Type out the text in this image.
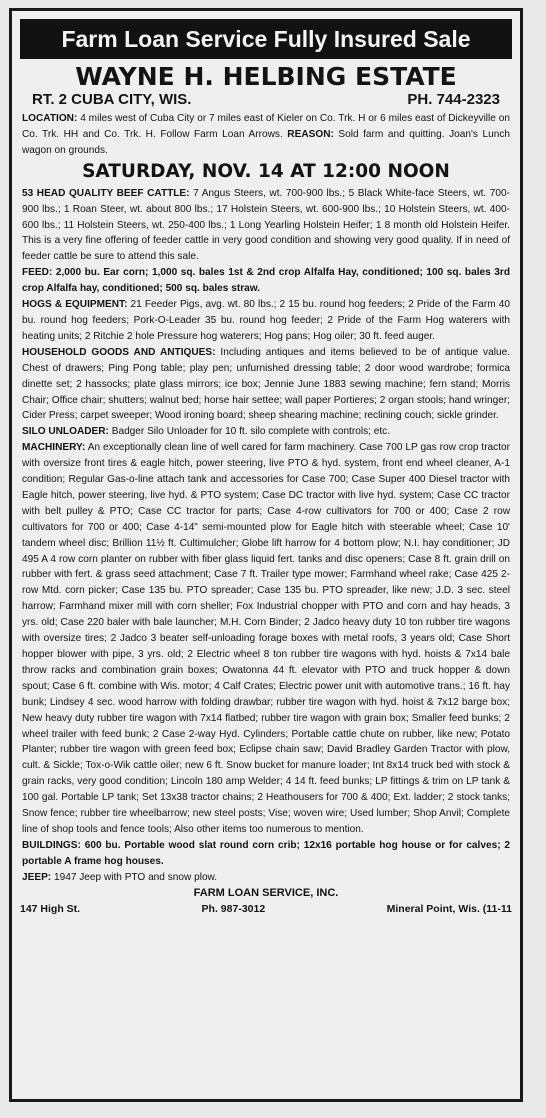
Farm Loan Service Fully Insured Sale
WAYNE H. HELBING ESTATE
RT. 2 CUBA CITY, WIS.	PH. 744-2323

LOCATION: 4 miles west of Cuba City or 7 miles east of Kieler on Co. Trk. H or 6 miles east of Dickeyville on Co. Trk. HH and Co. Trk. H. Follow Farm Loan Arrows. REASON: Sold farm and quitting. Joan's Lunch wagon on grounds.

SATURDAY, NOV. 14 AT 12:00 NOON

53 HEAD QUALITY BEEF CATTLE: 7 Angus Steers, wt. 700-900 lbs.; 5 Black White-face Steers, wt. 700-900 lbs.; 1 Roan Steer, wt. about 800 lbs.; 17 Holstein Steers, wt. 600-900 lbs.; 10 Holstein Steers, wt. 400-600 lbs.; 11 Holstein Steers, wt. 250-400 lbs.; 1 Long Yearling Holstein Heifer; 1 8 month old Holstein Heifer. This is a very fine offering of feeder cattle in very good condition and showing very good quality. If in need of feeder cattle be sure to attend this sale.

FEED: 2,000 bu. Ear corn; 1,000 sq. bales 1st & 2nd crop Alfalfa Hay, conditioned; 100 sq. bales 3rd crop Alfalfa hay, conditioned; 500 sq. bales straw.

HOGS & EQUIPMENT: 21 Feeder Pigs, avg. wt. 80 lbs.; 2 15 bu. round hog feeders; 2 Pride of the Farm 40 bu. round hog feeders; Pork-O-Leader 35 bu. round hog feeder; 2 Pride of the Farm Hog waterers with heating units; 2 Ritchie 2 hole Pressure hog waterers; Hog pans; Hog oiler; 30 ft. feed auger.

HOUSEHOLD GOODS AND ANTIQUES: Including antiques and items believed to be of antique value. Chest of drawers; Ping Pong table; play pen; unfurnished dressing table; 2 door wood wardrobe; formica dinette set; 2 hassocks; plate glass mirrors; ice box; Jennie June 1883 sewing machine; fern stand; Morris Chair; Office chair; shutters; walnut bed; horse hair settee; wall paper Portieres; 2 organ stools; hand wringer; Cider Press; carpet sweeper; Wood ironing board; sheep shearing machine; reclining couch; sickle grinder.

SILO UNLOADER: Badger Silo Unloader for 10 ft. silo complete with controls; etc.

MACHINERY: An exceptionally clean line of well cared for farm machinery. Case 700 LP gas row crop tractor with oversize front tires & eagle hitch, power steering, live PTO & hyd. system, front end wheel cleaner, A-1 condition; Regular Gas-o-line attach tank and accessories for Case 700; Case Super 400 Diesel tractor with Eagle hitch, power steering, live hyd. & PTO system; Case DC tractor with live hyd. system; Case CC tractor with belt pulley & PTO; Case CC tractor for parts; Case 4-row cultivators for 700 or 400; Case 2 row cultivators for 700 or 400; Case 4-14" semi-mounted plow for Eagle hitch with steerable wheel; Case 10' tandem wheel disc; Brillion 11½ ft. Cultimulcher; Globe lift harrow for 4 bottom plow; N.I. hay conditioner; JD 495 A 4 row corn planter on rubber with fiber glass liquid fert. tanks and disc openers; Case 8 ft. grain drill on rubber with fert. & grass seed attachment; Case 7 ft. Trailer type mower; Farmhand wheel rake; Case 425 2-row Mtd. corn picker; Case 135 bu. PTO spreader; Case 135 bu. PTO spreader, like new; J.D. 3 sec. steel harrow; Farmhand mixer mill with corn sheller; Fox Industrial chopper with PTO and corn and hay heads, 3 yrs. old; Case 220 baler with bale launcher; M.H. Corn Binder; 2 Jadco heavy duty 10 ton rubber tire wagons with oversize tires; 2 Jadco 3 beater self-unloading forage boxes with metal roofs, 3 years old; Case Short hopper blower with pipe, 3 yrs. old; 2 Electric wheel 8 ton rubber tire wagons with hyd. hoists & 7x14 bale throw racks and combination grain boxes; Owatonna 44 ft. elevator with PTO and truck hopper & down spout; Case 6 ft. combine with Wis. motor; 4 Calf Crates; Electric power unit with automotive trans.; 16 ft. hay bunk; Lindsey 4 sec. wood harrow with folding drawbar; rubber tire wagon with hyd. hoist & 7x12 barge box; New heavy duty rubber tire wagon with 7x14 flatbed; rubber tire wagon with grain box; Smaller feed bunks; 2 wheel trailer with feed bunk; 2 Case 2-way Hyd. Cylinders; Portable cattle chute on rubber, like new; Potato Planter; rubber tire wagon with green feed box; Eclipse chain saw; David Bradley Garden Tractor with plow, cult. & Sickle; Tox-o-Wik cattle oiler; new 6 ft. Snow bucket for manure loader; Int 8x14 truck bed with stock & grain racks, very good condition; Lincoln 180 amp Welder; 4 14 ft. feed bunks; LP fittings & trim on LP tank & 100 gal. Portable LP tank; Set 13x38 tractor chains; 2 Heathousers for 700 & 400; Ext. ladder; 2 stock tanks; Snow fence; rubber tire wheelbarrow; new steel posts; Vise; woven wire; Used lumber; Shop Anvil; Complete line of shop tools and fence tools; Also other items too numerous to mention.

BUILDINGS: 600 bu. Portable wood slat round corn crib; 12x16 portable hog house or for calves; 2 portable A frame hog houses.

JEEP: 1947 Jeep with PTO and snow plow.

FARM LOAN SERVICE, INC.
147 High St.	Ph. 987-3012	Mineral Point, Wis. (11-11
